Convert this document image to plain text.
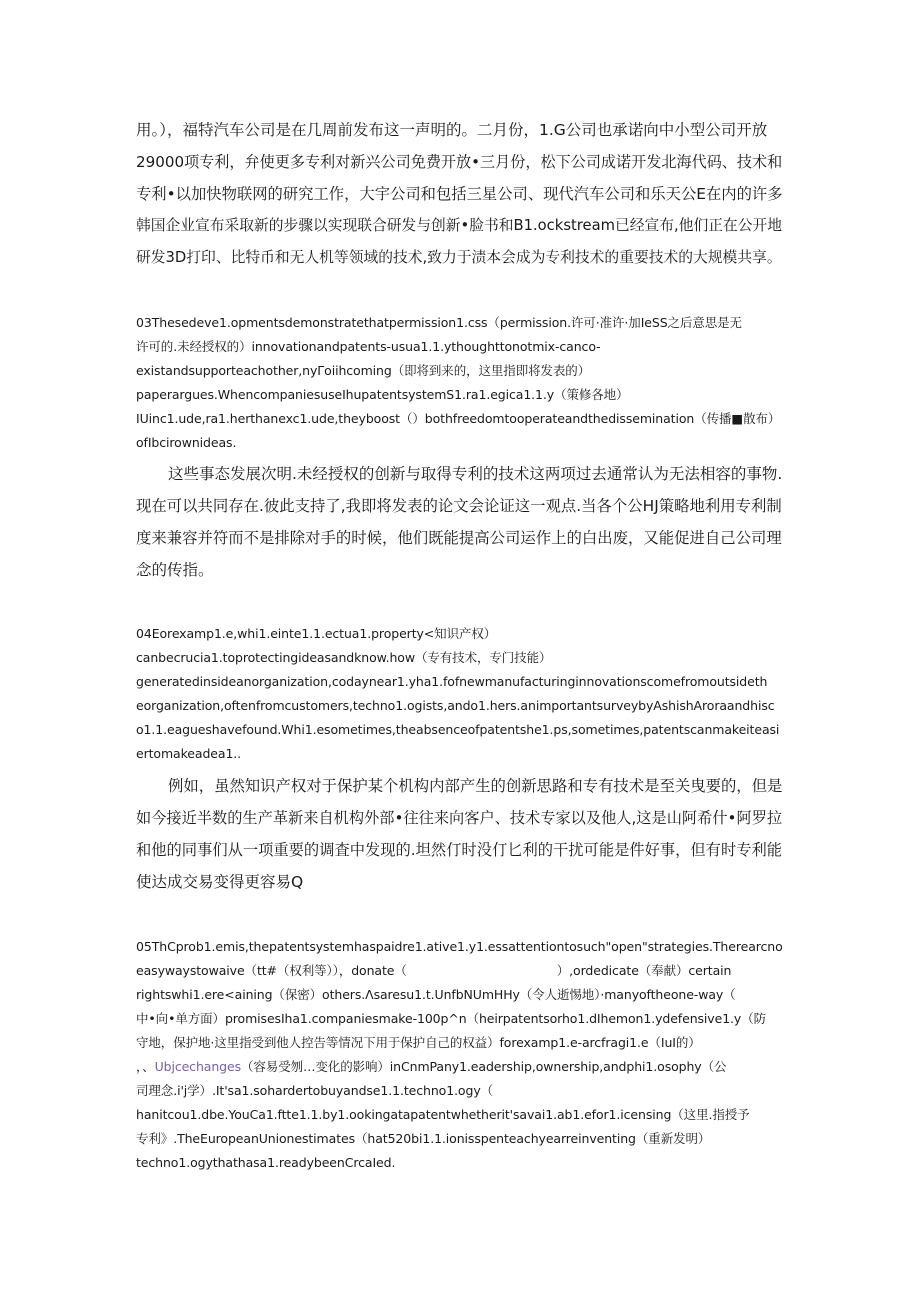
用。），福特汽车公司是在几周前发布这一声明的。二月份，1.G公司也承诺向中小型公司开放

29000项专利，弁使更多专利对新兴公司免费开放•三月份，松下公司成诺开发北海代码、技术和

专利•以加快物联网的研究工作，大宇公司和包括三星公司、现代汽车公司和乐天公E在内的许多

韩国企业宣布采取新的步骤以实现联合研发与创新•脸书和B1.ockstream已经宣布,他们正在公开地

研发3D打印、比特币和无人机等领域的技术,致力于渍本会成为专利技术的重要技术的大规模共享。

03Thesedeve1.opmentsdemonstratethatpermission1.css（permission.许可·准许·加IeSS之后意思是无

许可的.未经授权的）innovationandpatents-usua1.1.ythoughttonotmix-canco-

existandsupporteachother,nyΓoiihcoming（即将到来的，这里指即将发表的）

paperargues.WhencompaniesuseIhupatentsystemS1.ra1.egica1.1.y（策修各地）

IUinc1.ude,ra1.herthanexc1.ude,theyboost（）bothfreedomtooperateandthedissemination（传播■散布）

ofIbcirownideas.

这些事态发展次明.未经授权的创新与取得专利的技术这两项过去通常认为无法相容的事物.

现在可以共同存在.彼此支持了,我即将发表的论文会论证这一观点.当各个公HJ策略地利用专利制

度来兼容并符而不是排除对手的时候，他们既能提高公司运作上的白出废，又能促进自己公司理

念的传指。

04Eorexamp1.e,whi1.einte1.1.ectua1.property<知识产权）

canbecrucia1.toprotectingideasandknow.how（专有技术，专门技能）

generatedinsideanorganization,codaynear1.yha1.fofnewmanufacturinginnovationscomefromoutsideth

eorganization,oftenfromcustomers,techno1.ogists,ando1.hers.animportantsurveybyAshishAroraandhisc

o1.1.eagueshavefound.Whi1.esometimes,theabsenceofpatentshe1.ps,sometimes,patentscanmakeiteasi

ertomakeadea1..

例如，虽然知识产权对于保护某个机构内部产生的创新思路和专有技术是至关曳要的，但是

如今接近半数的生产革新来自机构外部•往往来向客户、技术专家以及他人,这是山阿希什•阿罗拉

和他的同事们从一项重要的调査中发现的.坦然仃时没仃匕利的干扰可能是件好事，但有时专利能

使达成交易变得更容易Q

05ThCprob1.emis,thepatentsystemhaspaidre1.ative1.y1.essattentiontosuch"open"strategies.Therearcno

easywaystowaive（tt#（权利等）），donate（	）,ordedicate（奉献）certain

rightswhi1.ere<aining（保密）others.Λsaresu1.t.UnfbNUmHHy（令人逝惕地）·manyoftheone-way（

中•向•单方面）promisesIha1.companiesmake-100p^n（heirpatentsorho1.dIhemon1.ydefensive1.y（防

守地，保护地·这里指受到他人控告等情况下用于保护自己的权益）forexamp1.e-arcfragi1.e（IuI的）

，、Ubjcechanges（容易受刎…变化的影响）inCnmPany1.eadership,ownership,andphi1.osophy（公

司理念.i'j学）.It'sa1.sohardertobuyandse1.1.techno1.ogy（

hanitcou1.dbe.YouCa1.ftte1.1.by1.ookingatapatentwhetherit'savai1.ab1.efor1.icensing（这里.指授予

专利》.TheEuropeanUnionestimates（hat520bi1.1.ionisspenteachyearreinventing（重新发明）

techno1.ogythathasa1.readybeenCrcaIed.
